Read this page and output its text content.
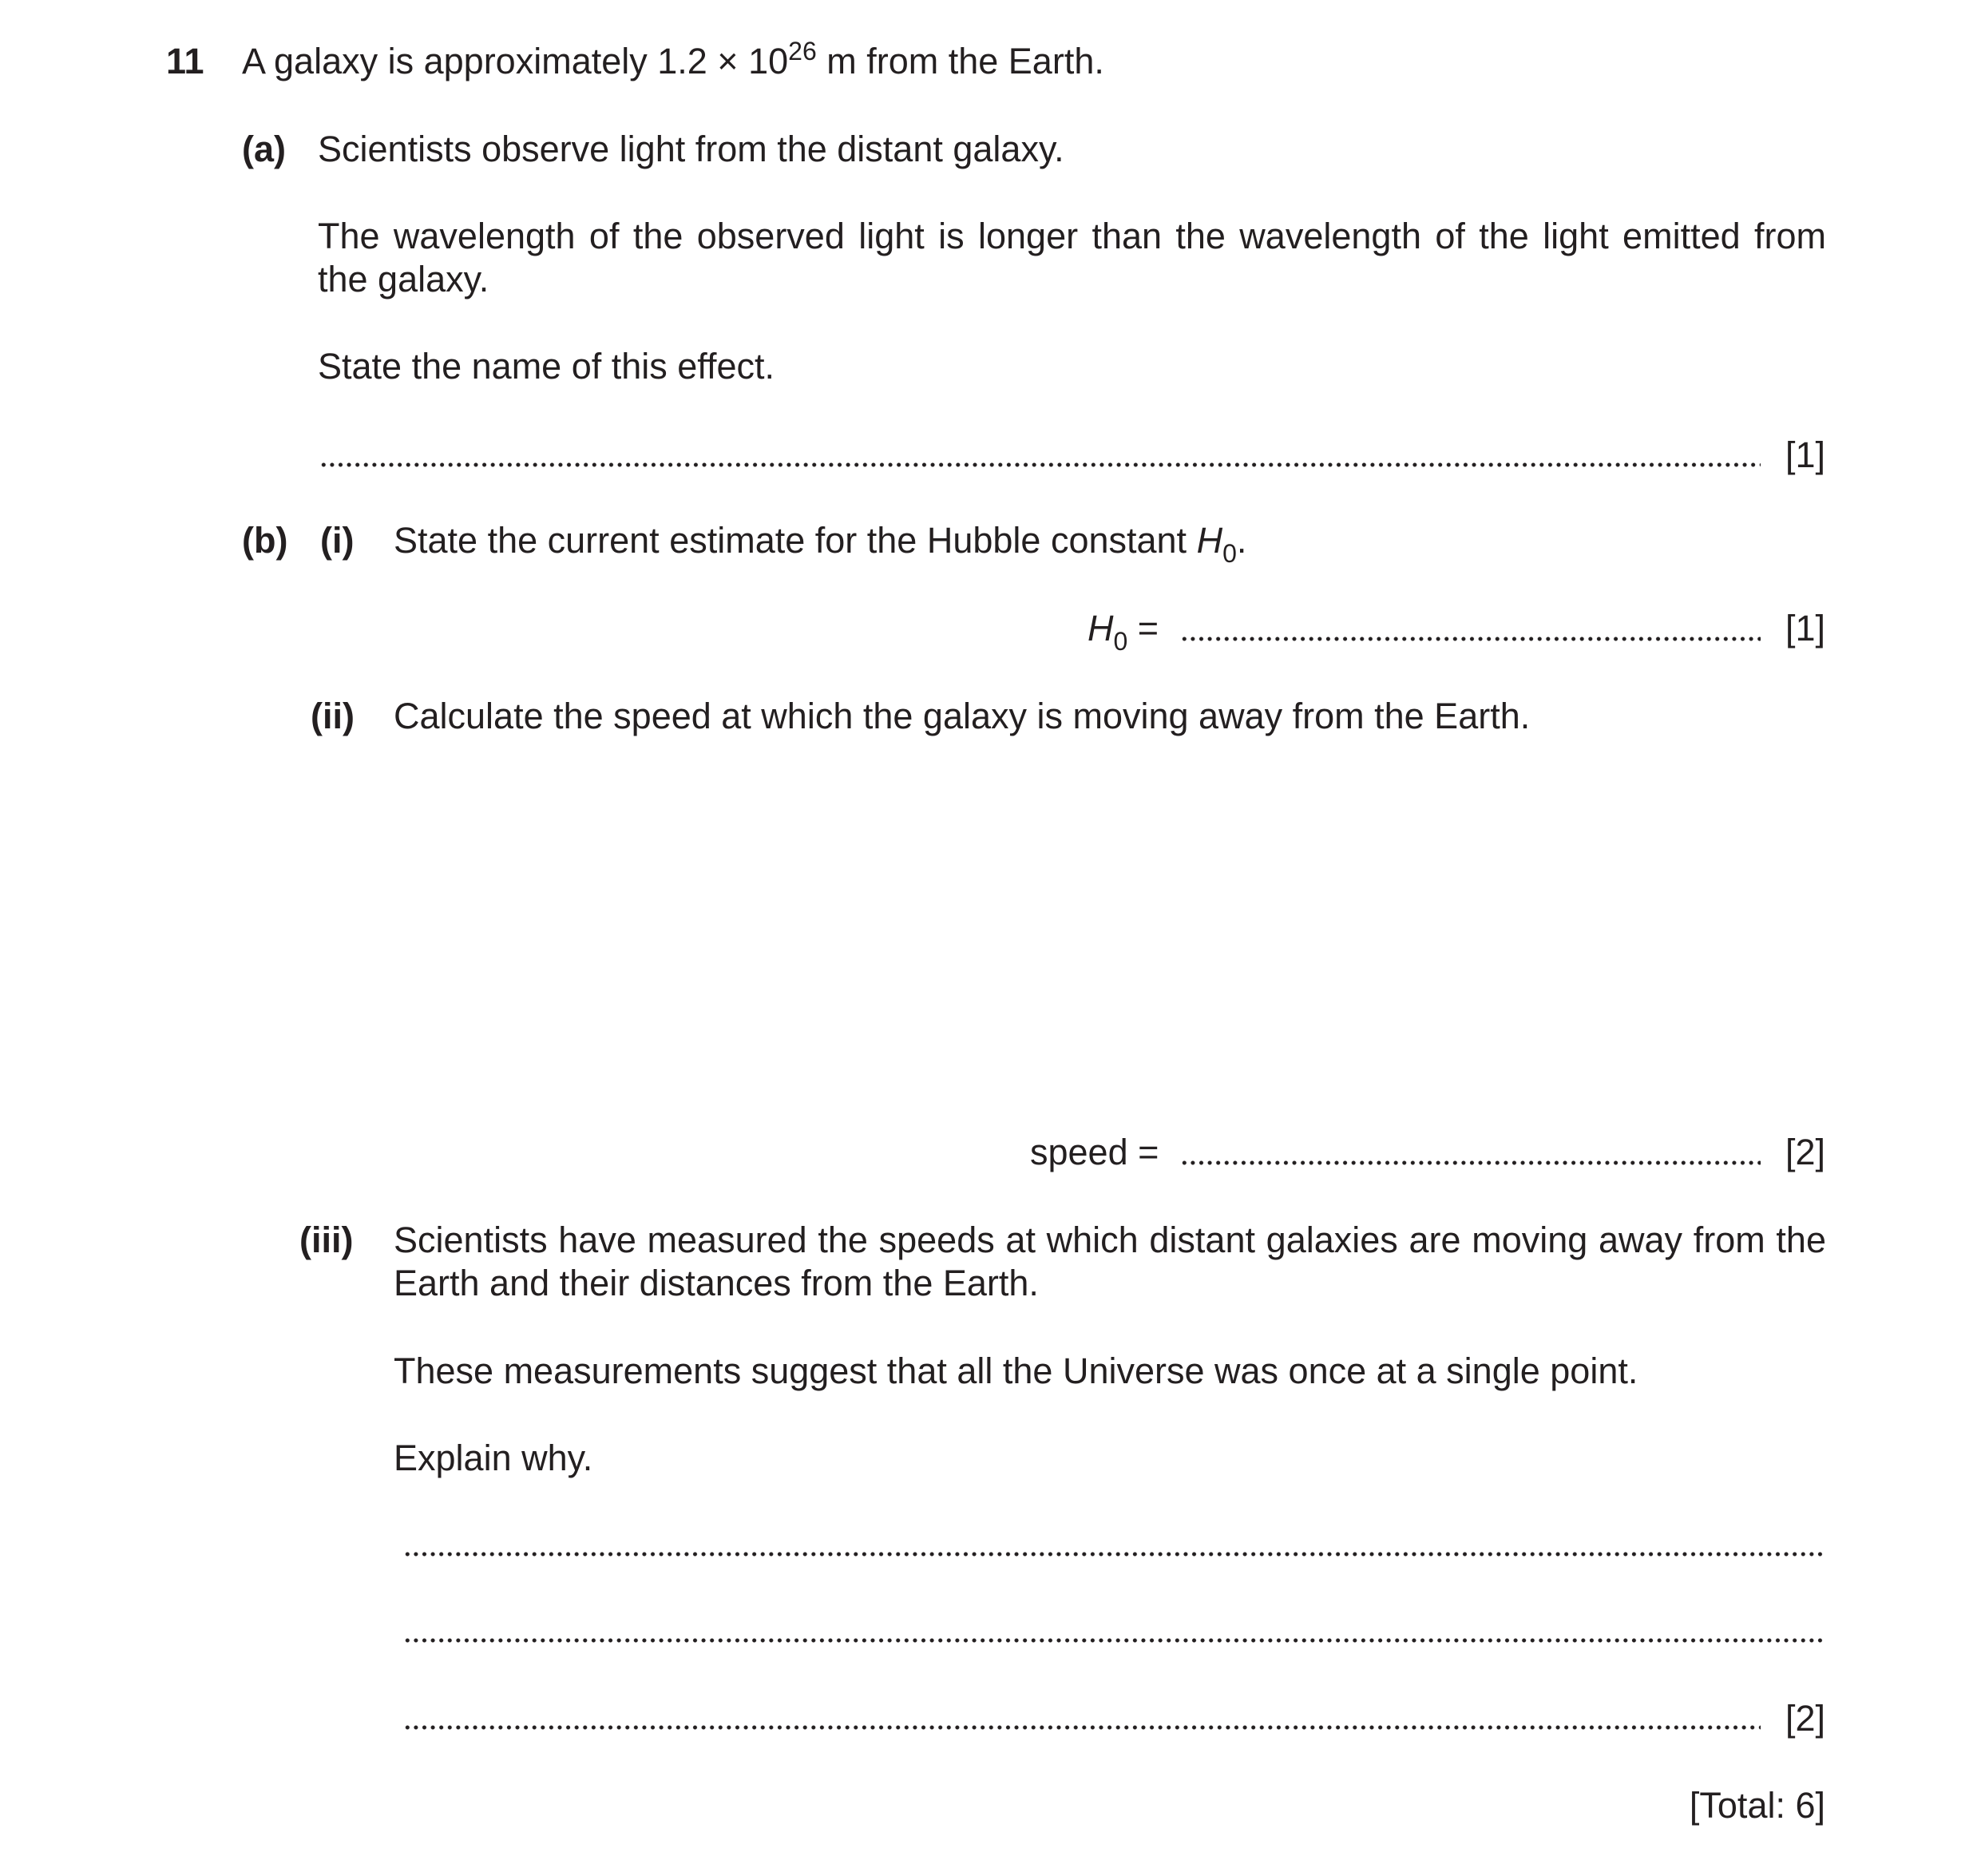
11 A galaxy is approximately $1.2 \times 10^{26}$ m from the Earth.
(a) Scientists observe light from the distant galaxy.
The wavelength of the observed light is longer than the wavelength of the light emitted from the galaxy.
State the name of this effect.
[1]
(b) (i) State the current estimate for the Hubble constant $H_0$.
$H_0$ =	[1]
(ii) Calculate the speed at which the galaxy is moving away from the Earth.
speed =	[2]
(iii) Scientists have measured the speeds at which distant galaxies are moving away from the Earth and their distances from the Earth.
These measurements suggest that all the Universe was once at a single point.
Explain why.
[2]
[Total: 6]
